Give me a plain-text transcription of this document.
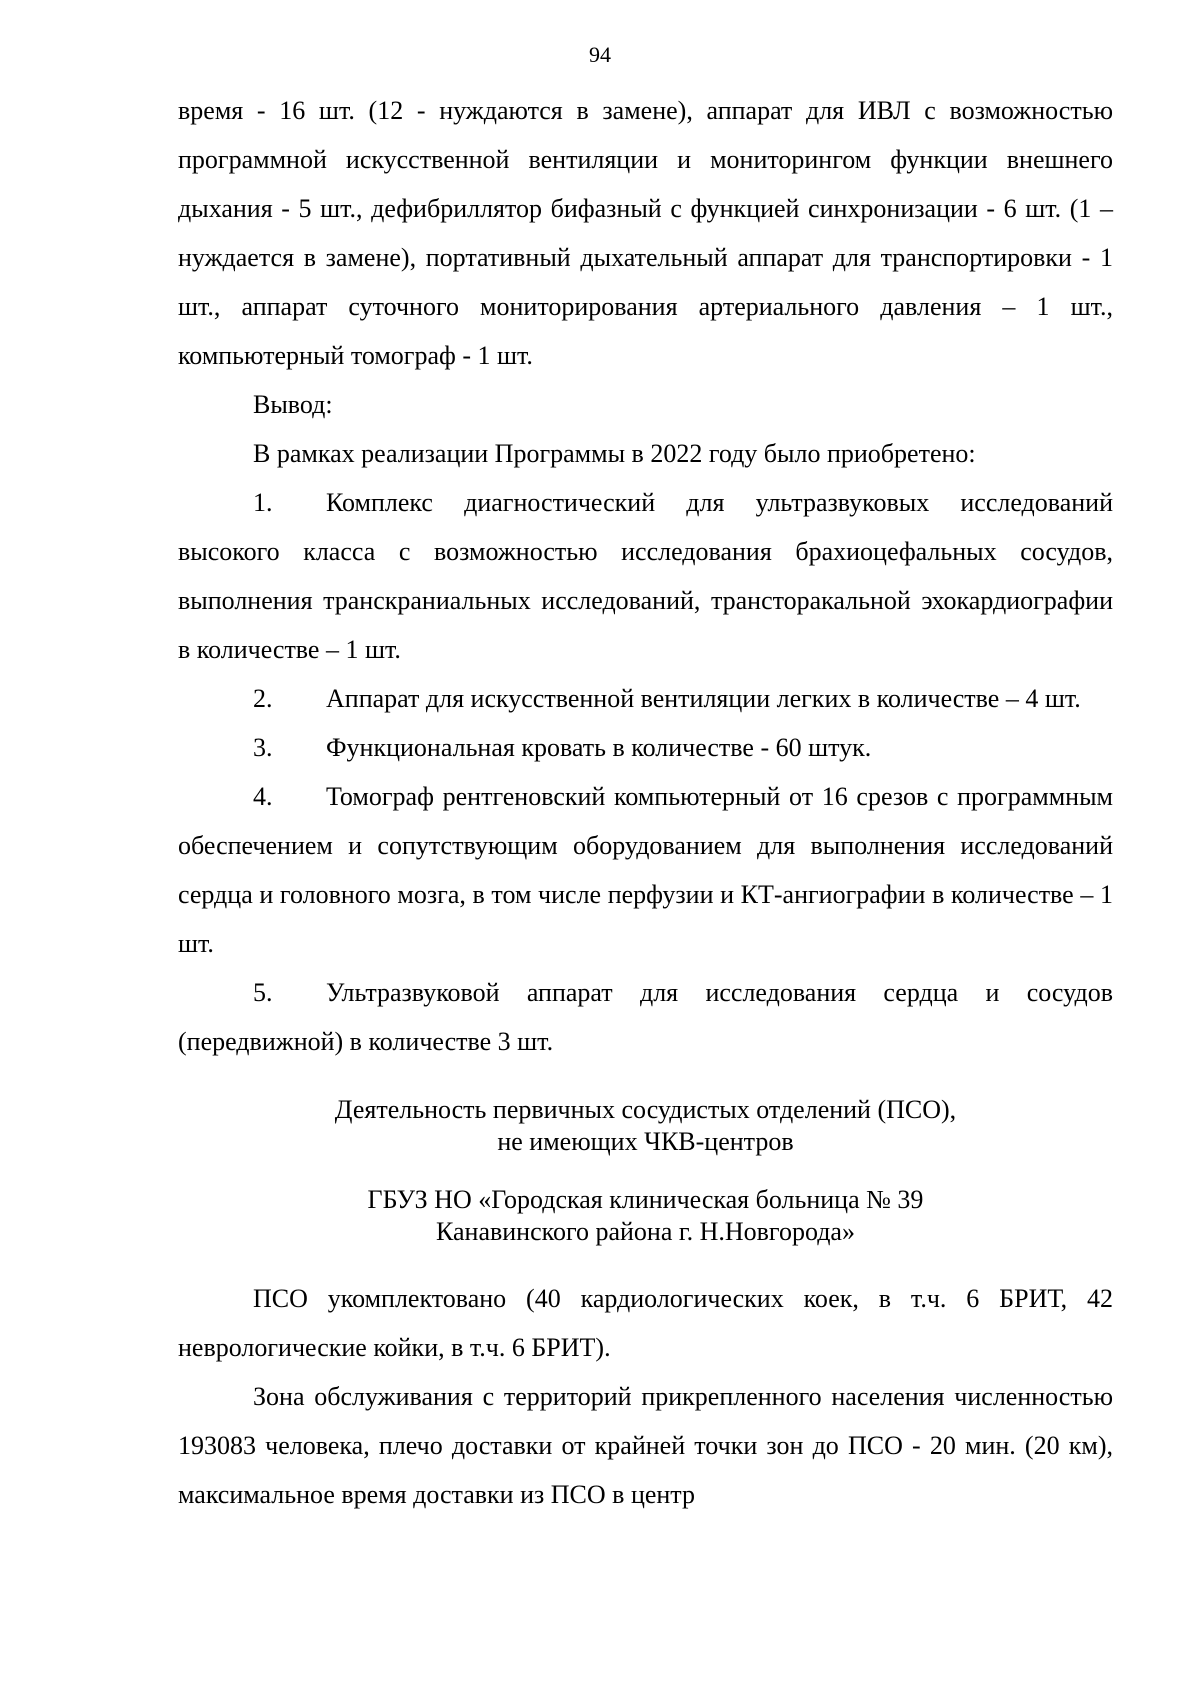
94

время - 16 шт. (12 - нуждаются в замене), аппарат для ИВЛ с возможностью программной искусственной вентиляции и мониторингом функции внешнего дыхания - 5 шт., дефибриллятор бифазный с функцией синхронизации - 6 шт. (1 – нуждается в замене), портативный дыхательный аппарат для транспортировки - 1 шт., аппарат суточного мониторирования артериального давления – 1 шт., компьютерный томограф - 1 шт.

Вывод:

В рамках реализации Программы в 2022 году было приобретено:

1. Комплекс диагностический для ультразвуковых исследований высокого класса с возможностью исследования брахиоцефальных сосудов, выполнения транскраниальных исследований, трансторакальной эхокардиографии в количестве – 1 шт.

2. Аппарат для искусственной вентиляции легких в количестве – 4 шт.

3. Функциональная кровать в количестве - 60 штук.

4. Томограф рентгеновский компьютерный от 16 срезов с программным обеспечением и сопутствующим оборудованием для выполнения исследований сердца и головного мозга, в том числе перфузии и КТ-ангиографии в количестве – 1 шт.

5. Ультразвуковой аппарат для исследования сердца и сосудов (передвижной) в количестве 3 шт.

Деятельность первичных сосудистых отделений (ПСО),
не имеющих ЧКВ-центров

ГБУЗ НО «Городская клиническая больница № 39
Канавинского района г. Н.Новгорода»

ПСО укомплектовано (40 кардиологических коек, в т.ч. 6 БРИТ, 42 неврологические койки, в т.ч. 6 БРИТ).

Зона обслуживания с территорий прикрепленного населения численностью 193083 человека, плечо доставки от крайней точки зон до ПСО - 20 мин. (20 км), максимальное время доставки из ПСО в центр
